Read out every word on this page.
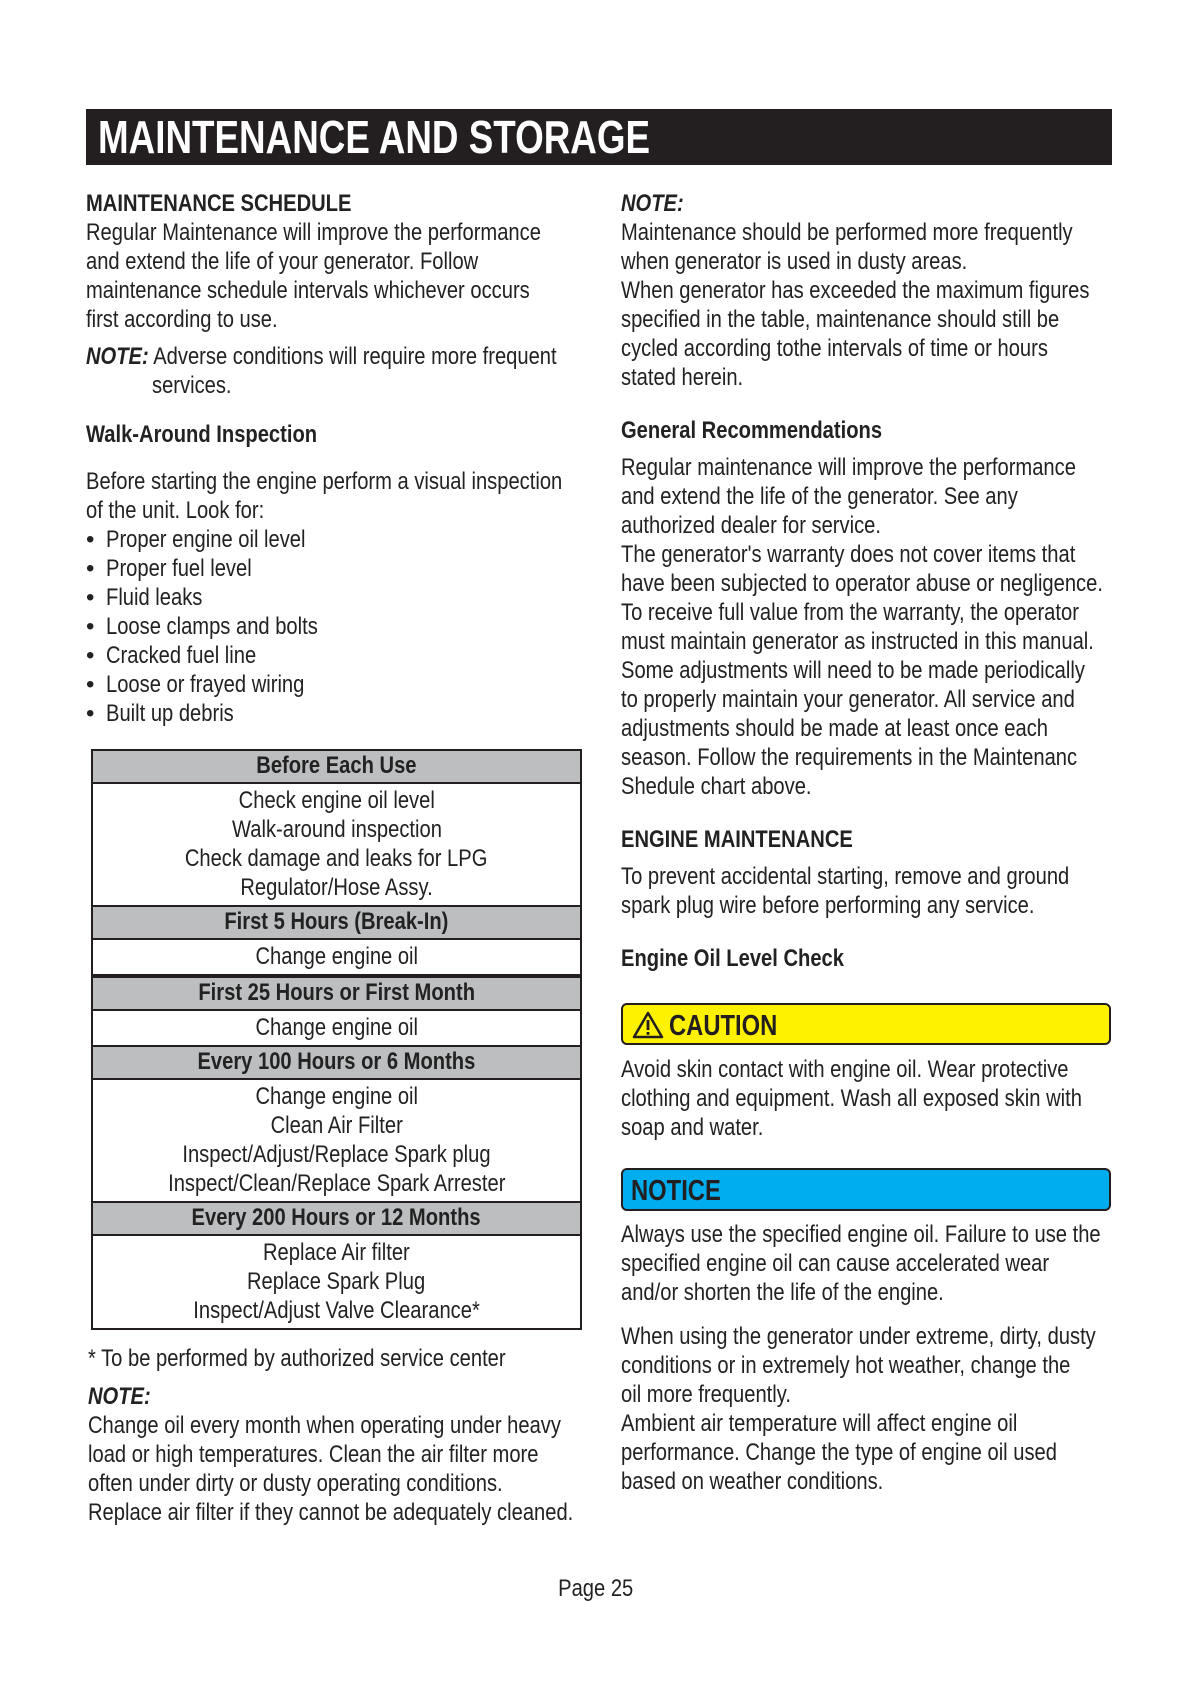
MAINTENANCE AND STORAGE
MAINTENANCE SCHEDULE
Regular Maintenance will improve the performance
and extend the life of your generator. Follow
maintenance schedule intervals whichever occurs
first according to use.
NOTE: Adverse conditions will require more frequent
services.
Walk-Around Inspection
Before starting the engine perform a visual inspection
of the unit. Look for:
• Proper engine oil level
• Proper fuel level
• Fluid leaks
• Loose clamps and bolts
• Cracked fuel line
• Loose or frayed wiring
• Built up debris
Before Each Use
Check engine oil level
Walk-around inspection
Check damage and leaks for LPG
Regulator/Hose Assy.
First 5 Hours (Break-In)
Change engine oil
First 25 Hours or First Month
Change engine oil
Every 100 Hours or 6 Months
Change engine oil
Clean Air Filter
Inspect/Adjust/Replace Spark plug
Inspect/Clean/Replace Spark Arrester
Every 200 Hours or 12 Months
Replace Air filter
Replace Spark Plug
Inspect/Adjust Valve Clearance*
* To be performed by authorized service center
NOTE:
Change oil every month when operating under heavy
load or high temperatures. Clean the air filter more
often under dirty or dusty operating conditions.
Replace air filter if they cannot be adequately cleaned.
NOTE:
Maintenance should be performed more frequently
when generator is used in dusty areas.
When generator has exceeded the maximum figures
specified in the table, maintenance should still be
cycled according tothe intervals of time or hours
stated herein.
General Recommendations
Regular maintenance will improve the performance
and extend the life of the generator. See any
authorized dealer for service.
The generator's warranty does not cover items that
have been subjected to operator abuse or negligence.
To receive full value from the warranty, the operator
must maintain generator as instructed in this manual.
Some adjustments will need to be made periodically
to properly maintain your generator. All service and
adjustments should be made at least once each
season. Follow the requirements in the Maintenanc
Shedule chart above.
ENGINE MAINTENANCE
To prevent accidental starting, remove and ground
spark plug wire before performing any service.
Engine Oil Level Check
CAUTION
Avoid skin contact with engine oil. Wear protective
clothing and equipment. Wash all exposed skin with
soap and water.
NOTICE
Always use the specified engine oil. Failure to use the
specified engine oil can cause accelerated wear
and/or shorten the life of the engine.
When using the generator under extreme, dirty, dusty
conditions or in extremely hot weather, change the
oil more frequently.
Ambient air temperature will affect engine oil
performance. Change the type of engine oil used
based on weather conditions.
Page 25
